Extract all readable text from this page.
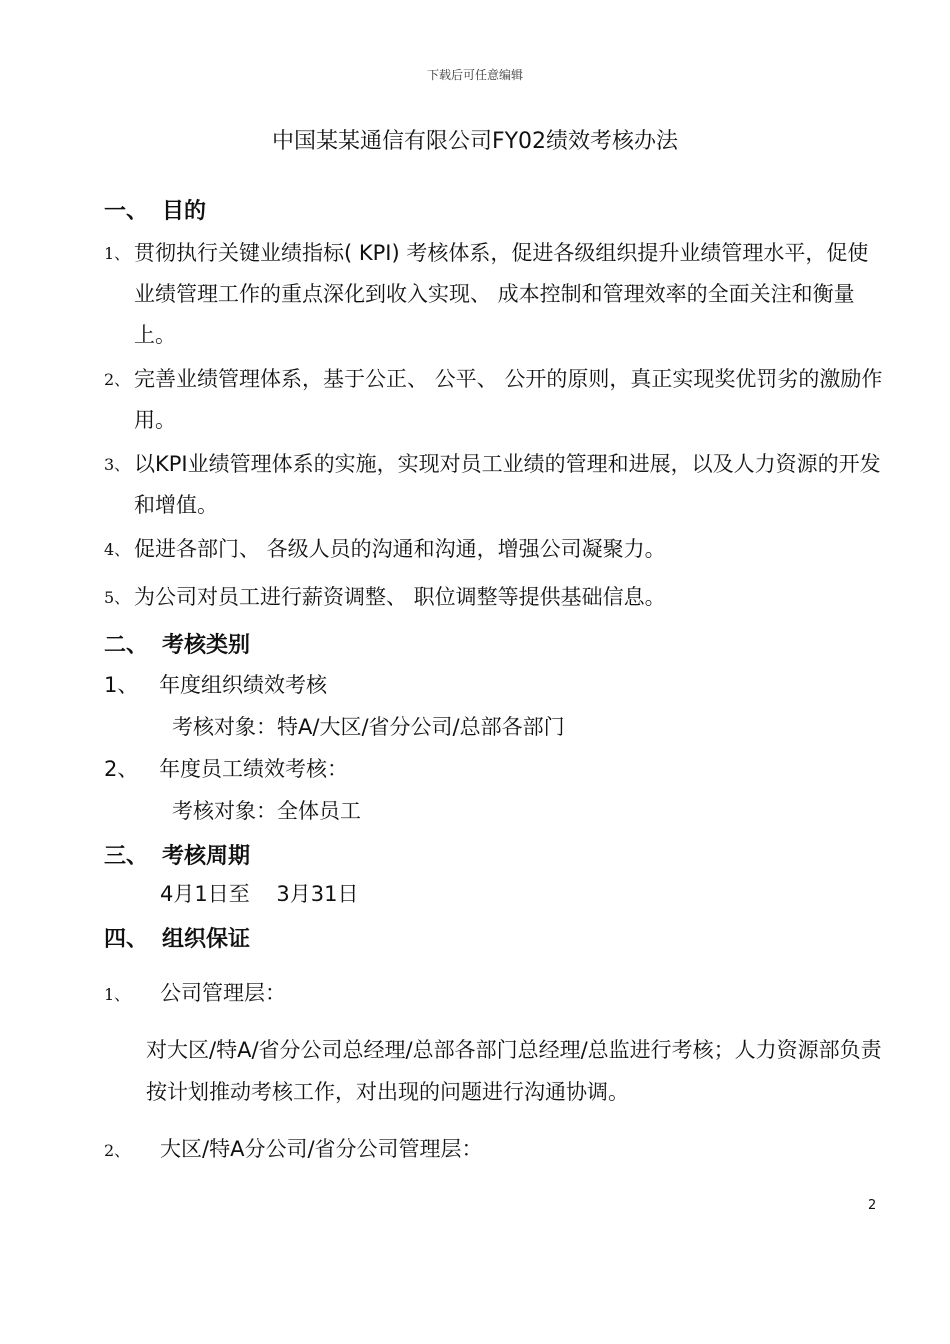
下载后可任意编辑
中国某某通信有限公司FY02绩效考核办法
一、 目的
1、 贯彻执行关键业绩指标( KPI) 考核体系，促进各级组织提升业绩管理水平，促使业绩管理工作的重点深化到收入实现、 成本控制和管理效率的全面关注和衡量上。
2、 完善业绩管理体系，基于公正、 公平、 公开的原则，真正实现奖优罚劣的激励作用。
3、 以KPI业绩管理体系的实施，实现对员工业绩的管理和进展，以及人力资源的开发和增值。
4、 促进各部门、 各级人员的沟通和沟通，增强公司凝聚力。
5、 为公司对员工进行薪资调整、 职位调整等提供基础信息。
二、 考核类别
1、 年度组织绩效考核
考核对象：特A/大区/省分公司/总部各部门
2、 年度员工绩效考核：
考核对象：全体员工
三、 考核周期
4月1日至    3月31日
四、 组织保证
1、 公司管理层：
对大区/特A/省分公司总经理/总部各部门总经理/总监进行考核；人力资源部负责按计划推动考核工作，对出现的问题进行沟通协调。
2、 大区/特A分公司/省分公司管理层：
2
